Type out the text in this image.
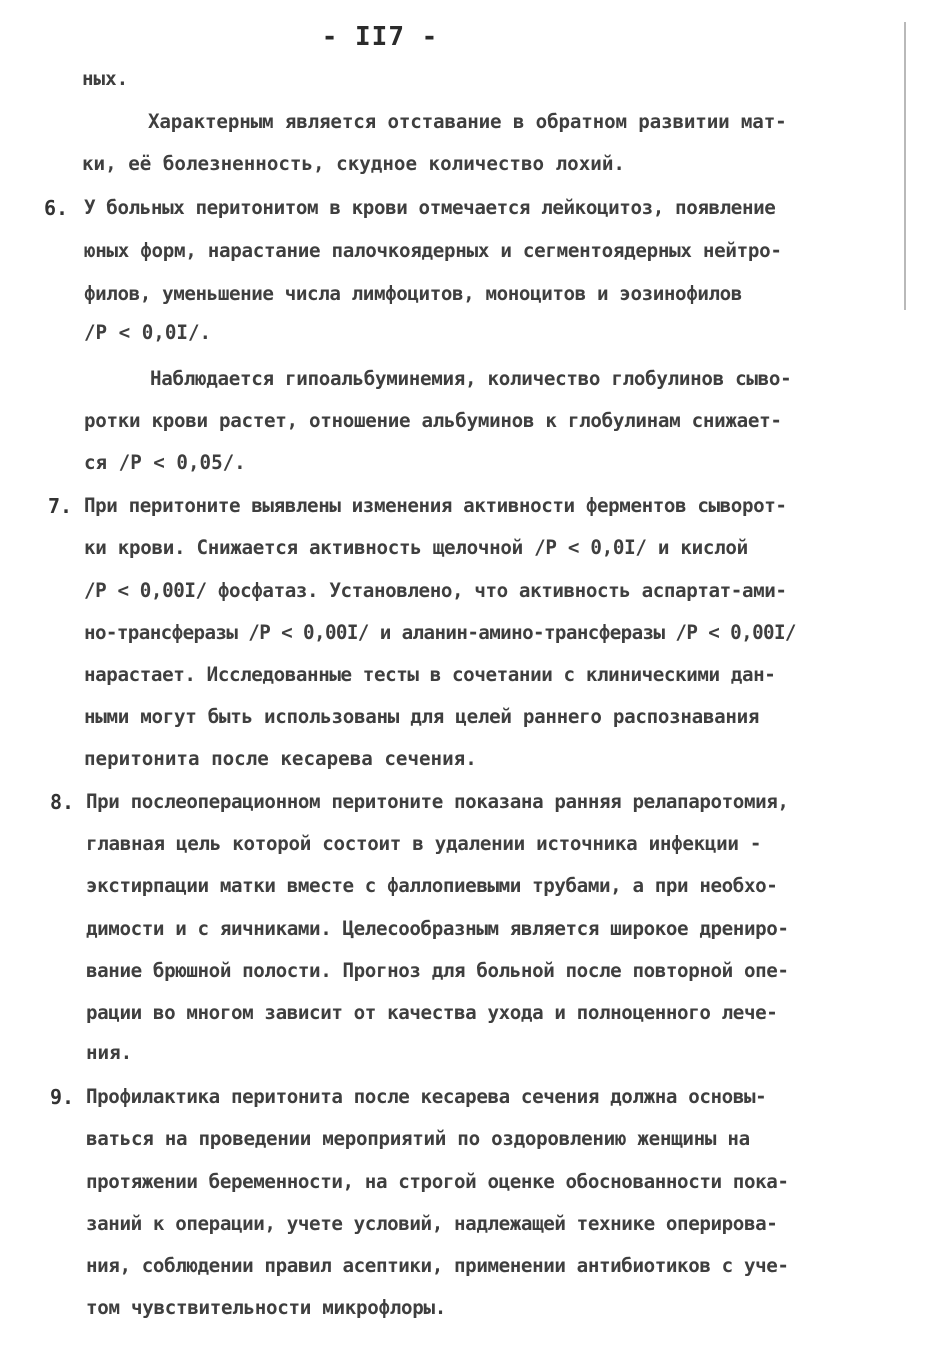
- II7 -
ных.
Характерным является отставание в обратном развитии мат-
ки, её болезненность, скудное количество лохий.
6. У больных перитонитом в крови отмечается лейкоцитоз, появление
юных форм, нарастание палочкоядерных и сегментоядерных нейтро-
филов, уменьшение числа лимфоцитов, моноцитов и эозинофилов
/P < 0,0I/.
Наблюдается гипоальбуминемия, количество глобулинов сыво-
ротки крови растет, отношение альбуминов к глобулинам снижает-
ся /P < 0,05/.
7. При перитоните выявлены изменения активности ферментов сыворот-
ки крови. Снижается активность щелочной /P < 0,0I/ и кислой
/P < 0,00I/ фосфатаз. Установлено, что активность аспартат-ами-
но-трансферазы /P < 0,00I/ и аланин-амино-трансферазы /P < 0,00I/
нарастает. Исследованные тесты в сочетании с клиническими дан-
ными могут быть использованы для целей раннего распознавания
перитонита после кесарева сечения.
8. При послеоперационном перитоните показана ранняя релапаротомия,
главная цель которой состоит в удалении источника инфекции -
экстирпации матки вместе с фаллопиевыми трубами, а при необхо-
димости и с яичниками. Целесообразным является широкое дрениро-
вание брюшной полости. Прогноз для больной после повторной опе-
рации во многом зависит от качества ухода и полноценного лече-
ния.
9. Профилактика перитонита после кесарева сечения должна основы-
ваться на проведении мероприятий по оздоровлению женщины на
протяжении беременности, на строгой оценке обоснованности пока-
заний к операции, учете условий, надлежащей технике оперирова-
ния, соблюдении правил асептики, применении антибиотиков с уче-
том чувствительности микрофлоры.
